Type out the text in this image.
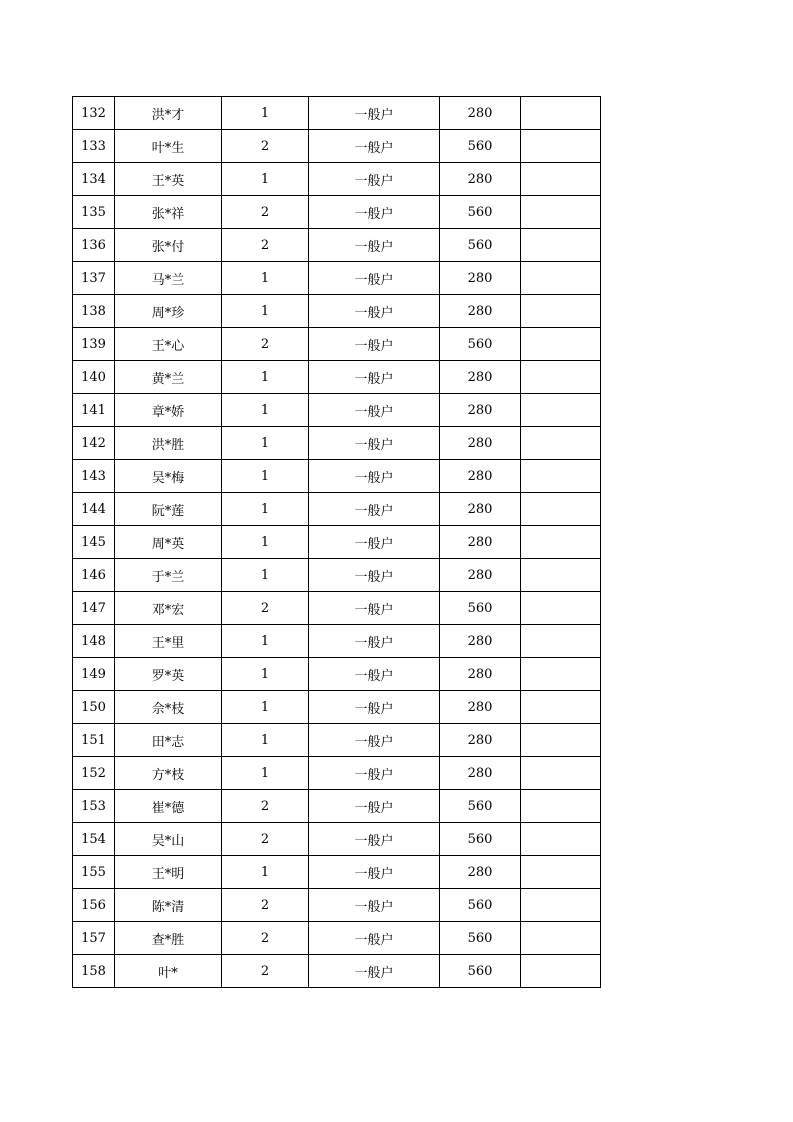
132	洪*才	1	一般户	280	
133	叶*生	2	一般户	560	
134	王*英	1	一般户	280	
135	张*祥	2	一般户	560	
136	张*付	2	一般户	560	
137	马*兰	1	一般户	280	
138	周*珍	1	一般户	280	
139	王*心	2	一般户	560	
140	黄*兰	1	一般户	280	
141	章*娇	1	一般户	280	
142	洪*胜	1	一般户	280	
143	吴*梅	1	一般户	280	
144	阮*莲	1	一般户	280	
145	周*英	1	一般户	280	
146	于*兰	1	一般户	280	
147	邓*宏	2	一般户	560	
148	王*里	1	一般户	280	
149	罗*英	1	一般户	280	
150	佘*枝	1	一般户	280	
151	田*志	1	一般户	280	
152	方*枝	1	一般户	280	
153	崔*德	2	一般户	560	
154	吴*山	2	一般户	560	
155	王*明	1	一般户	280	
156	陈*清	2	一般户	560	
157	查*胜	2	一般户	560	
158	叶*	2	一般户	560	
